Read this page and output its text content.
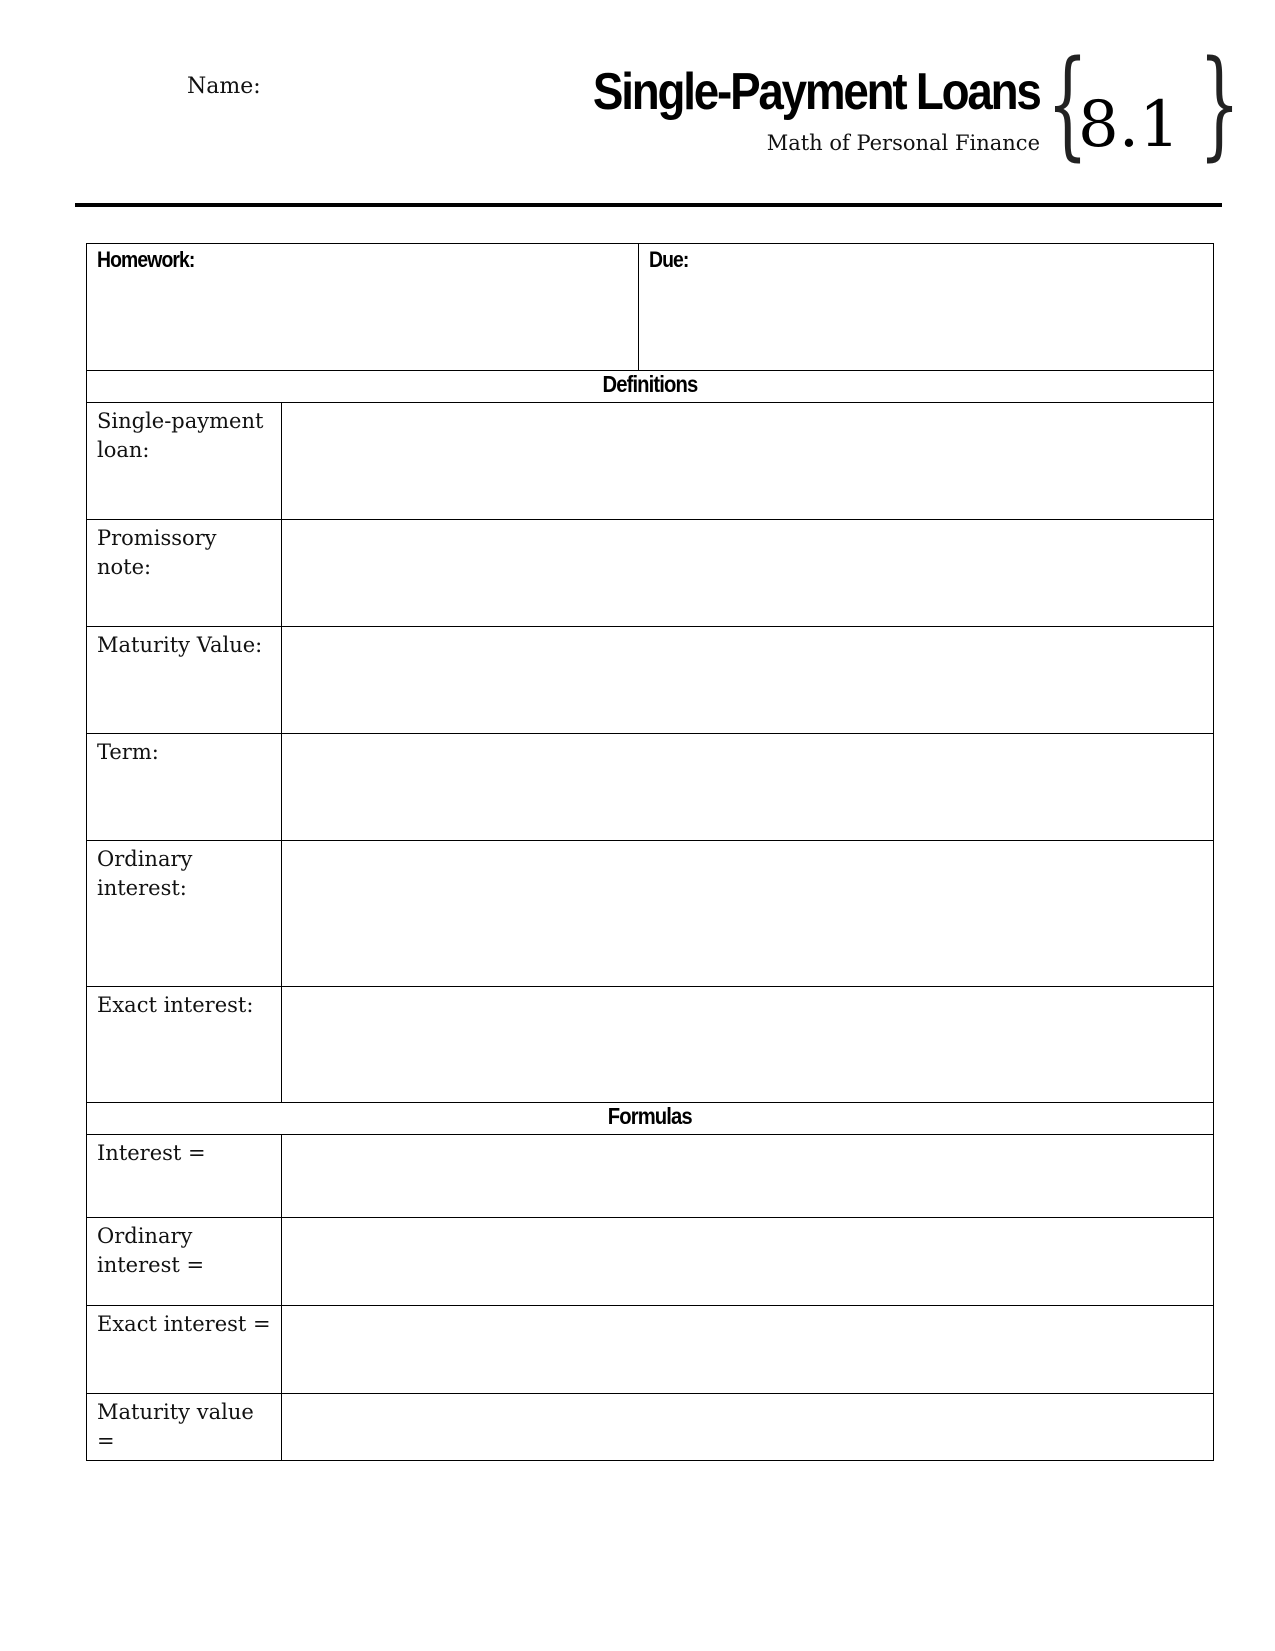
Name:	Single-Payment Loans
Math of Personal Finance {
8.1 }
Homework:		Due:
Definitions		
Single-payment loan:		
Promissory note:		
Maturity Value:		
Term:		
Ordinary interest:		
Exact interest:		
Formulas		
Interest =		
Ordinary interest =		
Exact interest =		
Maturity value =		
